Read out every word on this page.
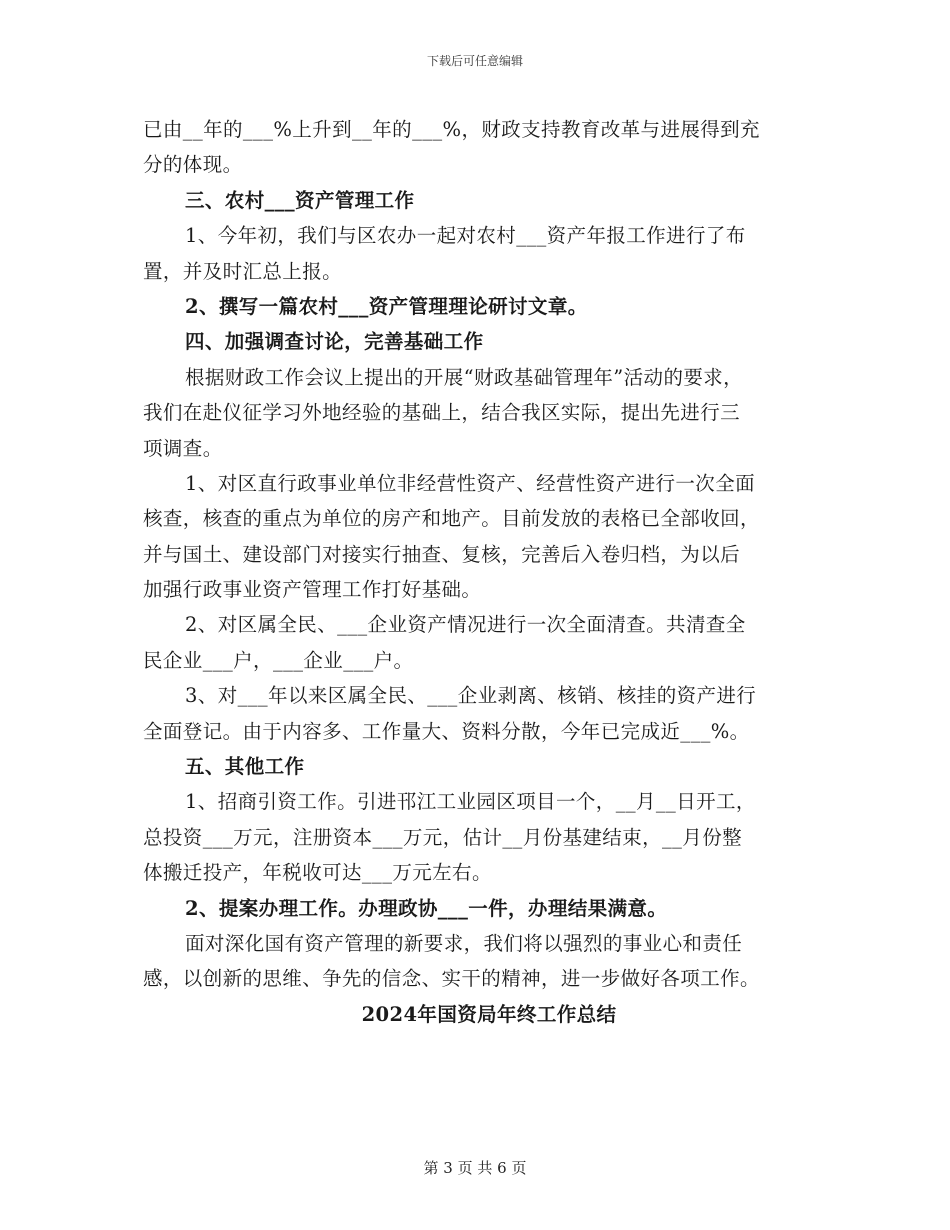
下载后可任意编辑
已由__年的___%上升到__年的___%，财政支持教育改革与进展得到充
分的体现。
三、农村___资产管理工作
1、今年初，我们与区农办一起对农村___资产年报工作进行了布
置，并及时汇总上报。
2、撰写一篇农村___资产管理理论研讨文章。
四、加强调查讨论，完善基础工作
根据财政工作会议上提出的开展“财政基础管理年”活动的要求，
我们在赴仪征学习外地经验的基础上，结合我区实际，提出先进行三
项调查。
1、对区直行政事业单位非经营性资产、经营性资产进行一次全面
核查，核查的重点为单位的房产和地产。目前发放的表格已全部收回，
并与国土、建设部门对接实行抽查、复核，完善后入卷归档，为以后
加强行政事业资产管理工作打好基础。
2、对区属全民、___企业资产情况进行一次全面清查。共清查全
民企业___户，___企业___户。
3、对___年以来区属全民、___企业剥离、核销、核挂的资产进行
全面登记。由于内容多、工作量大、资料分散，今年已完成近___%。
五、其他工作
1、招商引资工作。引进邗江工业园区项目一个，__月__日开工，
总投资___万元，注册资本___万元，估计__月份基建结束，__月份整
体搬迁投产，年税收可达___万元左右。
2、提案办理工作。办理政协___一件，办理结果满意。
面对深化国有资产管理的新要求，我们将以强烈的事业心和责任
感，以创新的思维、争先的信念、实干的精神，进一步做好各项工作。
2024年国资局年终工作总结
第 3 页 共 6 页
